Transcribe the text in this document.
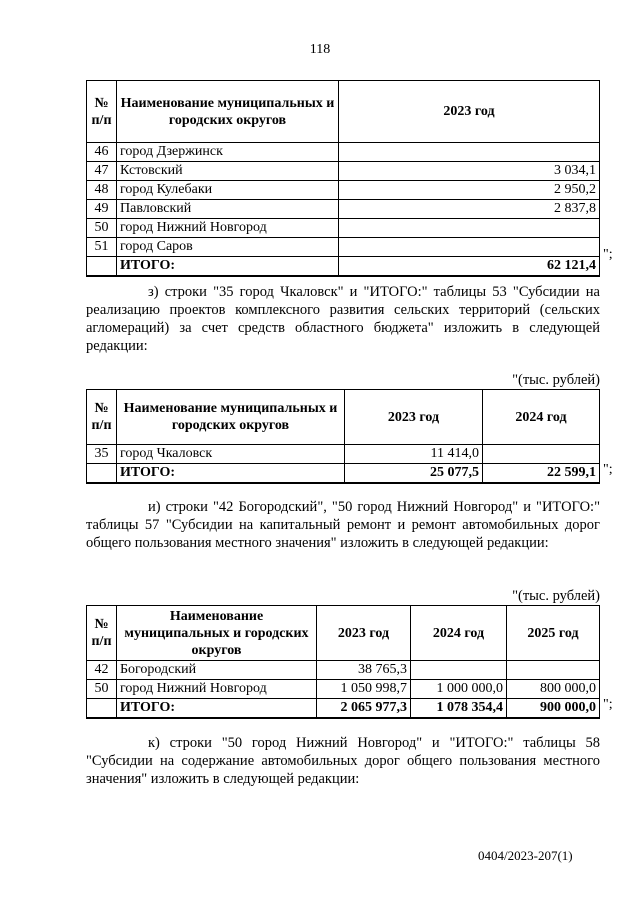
118
№ п/п	Наименование муниципальных и городских округов	2023 год
46	город Дзержинск	
47	Кстовский	3 034,1
48	город Кулебаки	2 950,2
49	Павловский	2 837,8
50	город Нижний Новгород	
51	город Саров	
	ИТОГО:	62 121,4
";
з) строки "35 город Чкаловск" и "ИТОГО:" таблицы 53 "Субсидии на реализацию проектов комплексного развития сельских территорий (сельских агломераций) за счет средств областного бюджета" изложить в следующей редакции:
"(тыс. рублей)
№ п/п	Наименование муниципальных и городских округов	2023 год	2024 год
35	город Чкаловск	11 414,0	
	ИТОГО:	25 077,5	22 599,1 ";
и) строки "42 Богородский", "50 город Нижний Новгород" и "ИТОГО:" таблицы 57 "Субсидии на капитальный ремонт и ремонт автомобильных дорог общего пользования местного значения" изложить в следующей редакции:
"(тыс. рублей)
№ п/п	Наименование муниципальных и городских округов	2023 год	2024 год	2025 год
42	Богородский	38 765,3		
50	город Нижний Новгород	1 050 998,7	1 000 000,0	800 000,0
	ИТОГО:	2 065 977,3	1 078 354,4	900 000,0 ";
к) строки "50 город Нижний Новгород" и "ИТОГО:" таблицы 58 "Субсидии на содержание автомобильных дорог общего пользования местного значения" изложить в следующей редакции:
0404/2023-207(1)
